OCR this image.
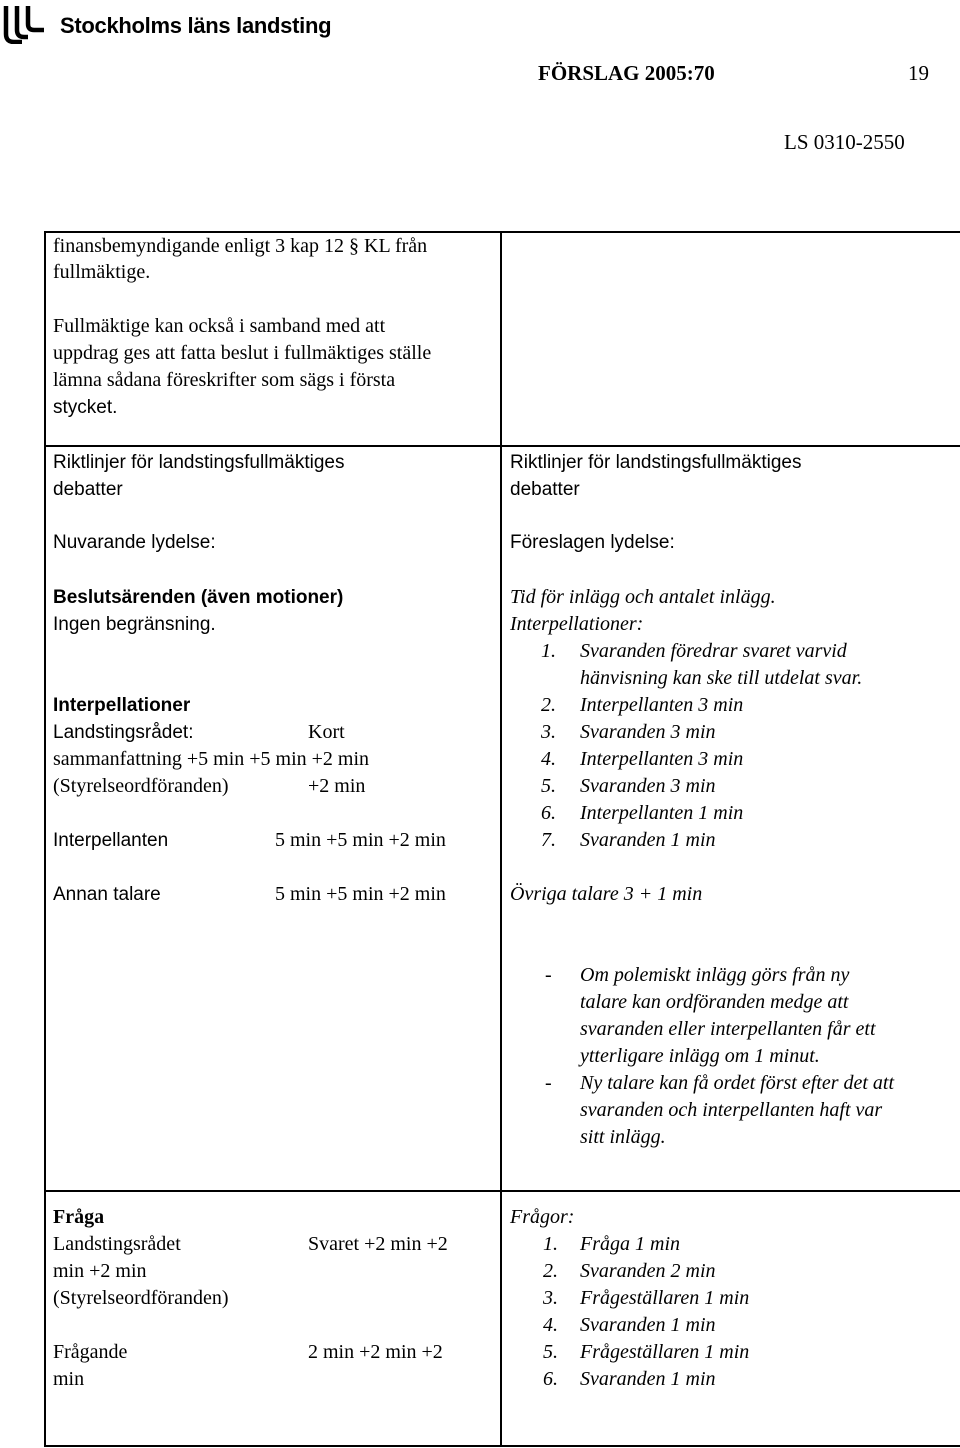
Stockholms läns landsting
FÖRSLAG 2005:70	19
LS 0310-2550
finansbemyndigande enligt 3 kap 12 § KL från
fullmäktige.
Fullmäktige kan också i samband med att
uppdrag ges att fatta beslut i fullmäktiges ställe
lämna sådana föreskrifter som sägs i första
stycket.
Riktlinjer för landstingsfullmäktiges
debatter
Nuvarande lydelse:
Beslutsärenden (även motioner)
Ingen begränsning.
Interpellationer
Landstingsrådet:	Kort
sammanfattning +5 min +5 min +2 min
(Styrelseordföranden)	+2 min
Interpellanten	5 min +5 min +2 min
Annan talare	5 min +5 min +2 min
Riktlinjer för landstingsfullmäktiges
debatter
Föreslagen lydelse:
Tid för inlägg och antalet inlägg.
Interpellationer:
1. Svaranden föredrar svaret varvid
hänvisning kan ske till utdelat svar.
2. Interpellanten 3 min
3. Svaranden 3 min
4. Interpellanten 3 min
5. Svaranden 3 min
6. Interpellanten 1 min
7. Svaranden 1 min
Övriga talare 3 + 1 min
- Om polemiskt inlägg görs från ny
talare kan ordföranden medge att
svaranden eller interpellanten får ett
ytterligare inlägg om 1 minut.
- Ny talare kan få ordet först efter det att
svaranden och interpellanten haft var
sitt inlägg.
Fråga
Landstingsrådet	Svaret +2 min +2
min +2 min
(Styrelseordföranden)
Frågande	2 min +2 min +2
min
Frågor:
1. Fråga 1 min
2. Svaranden 2 min
3. Frågeställaren 1 min
4. Svaranden 1 min
5. Frågeställaren 1 min
6. Svaranden 1 min
